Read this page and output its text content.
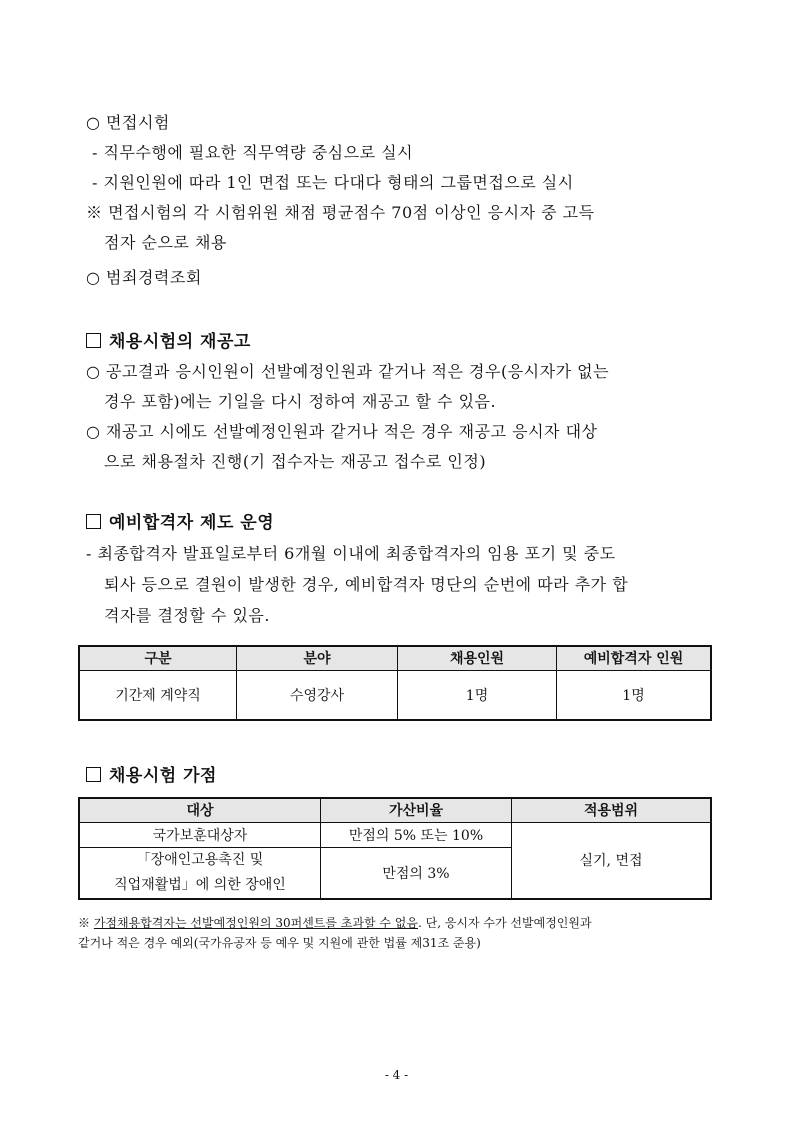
○ 면접시험
- 직무수행에 필요한 직무역량 중심으로 실시
- 지원인원에 따라 1인 면접 또는 다대다 형태의 그룹면접으로 실시
※ 면접시험의 각 시험위원 채점 평균점수 70점 이상인 응시자 중 고득
점자 순으로 채용
○ 범죄경력조회
채용시험의 재공고
○ 공고결과 응시인원이 선발예정인원과 같거나 적은 경우(응시자가 없는
경우 포함)에는 기일을 다시 정하여 재공고 할 수 있음.
○ 재공고 시에도 선발예정인원과 같거나 적은 경우 재공고 응시자 대상
으로 채용절차 진행(기 접수자는 재공고 접수로 인정)
예비합격자 제도 운영
- 최종합격자 발표일로부터 6개월 이내에 최종합격자의 임용 포기 및 중도
퇴사 등으로 결원이 발생한 경우, 예비합격자 명단의 순번에 따라 추가 합
격자를 결정할 수 있음.
구분	분야	채용인원	예비합격자 인원
기간제 계약직	수영강사	1명	1명
채용시험 가점
대상	가산비율	적용범위
국가보훈대상자	만점의 5% 또는 10%	실기, 면접

「장애인고용촉진 및
직업재활법」에 의한 장애인	만점의 3%	
※ 가점채용합격자는 선발예정인원의 30퍼센트를 초과할 수 없음. 단, 응시자 수가 선발예정인원과
같거나 적은 경우 예외(국가유공자 등 예우 및 지원에 관한 법률 제31조 준용)
- 4 -
